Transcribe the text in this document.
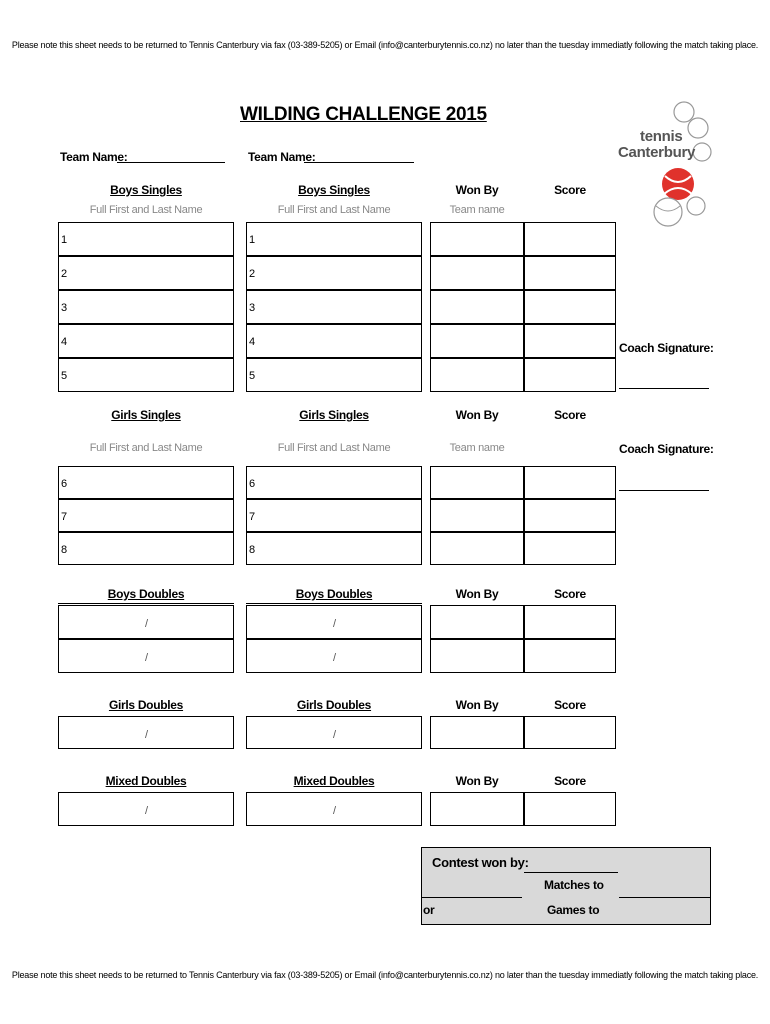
Please note this sheet needs to be returned to Tennis Canterbury via fax (03-389-5205) or Email (info@canterburytennis.co.nz) no later than the tuesday immediatly following the match taking place.
WILDING CHALLENGE 2015
tennis
Canterbury
Team Name:	Team Name:
Boys Singles	Boys Singles	Won By	Score
Full First and Last Name	Full First and Last Name	Team name
1	1
2	2
3	3
4	4
5	5
Coach Signature:
Girls Singles	Girls Singles	Won By	Score
Full First and Last Name	Full First and Last Name	Team name	Coach Signature:
6	6
7	7
8	8
Boys Doubles	Boys Doubles	Won By	Score
/	/
/	/
Girls Doubles	Girls Doubles	Won By	Score
/	/
Mixed Doubles	Mixed Doubles	Won By	Score
/	/
Contest won by:
Matches to
or	Games to
Please note this sheet needs to be returned to Tennis Canterbury via fax (03-389-5205) or Email (info@canterburytennis.co.nz) no later than the tuesday immediatly following the match taking place.
